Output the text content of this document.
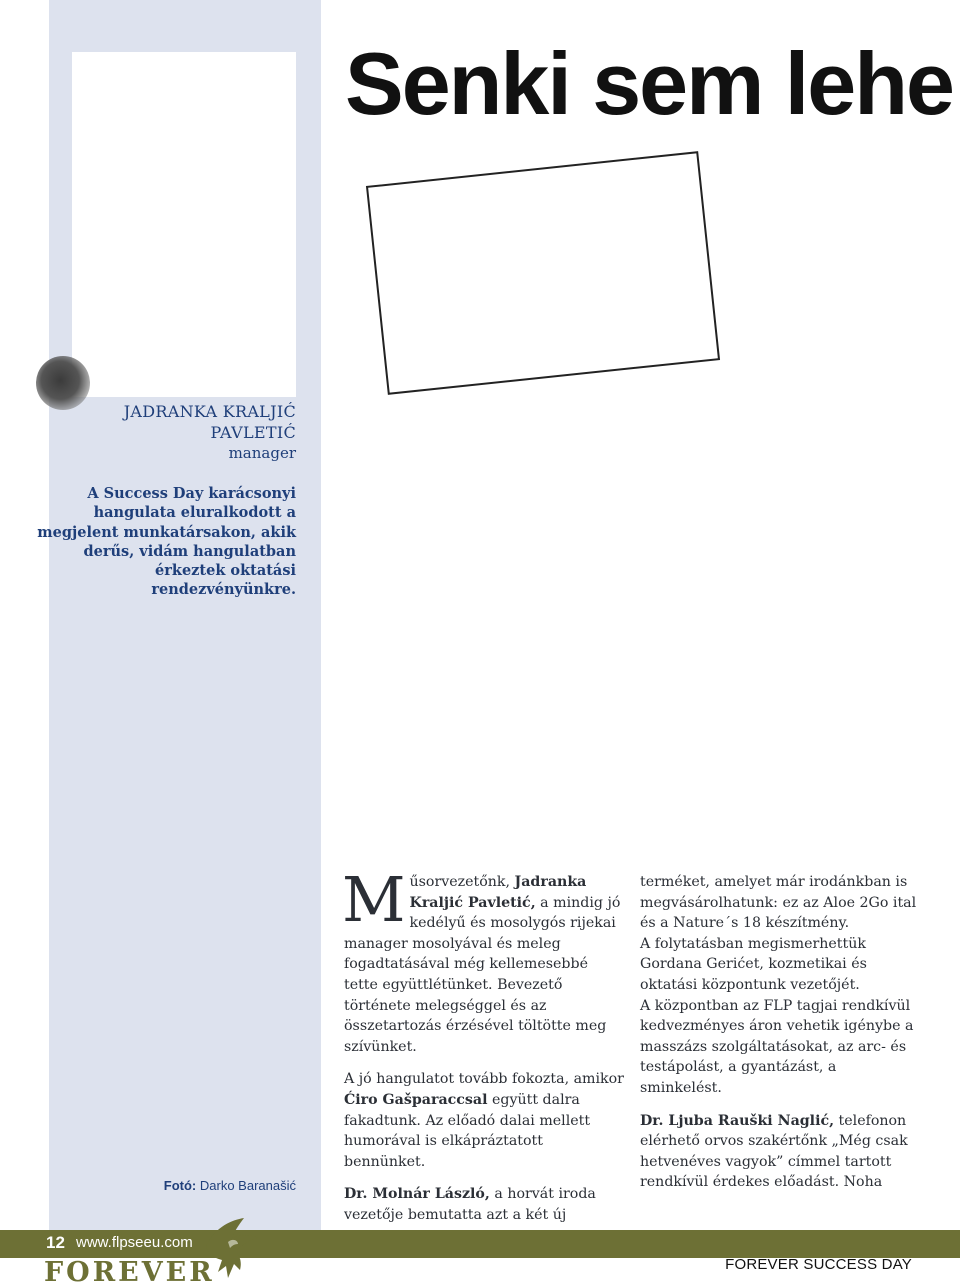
JADRANKA KRALJIĆ PAVLETIĆ
manager
A Success Day karácsonyi hangulata eluralkodott a megjelent munkatársakon, akik derűs, vidám hangulatban érkeztek oktatási rendezvényünkre.
Fotó: Darko Baranašić
Senki sem lehe

Műsorvezetőnk, Jadranka Kraljić Pavletić, a mindig jó kedélyű és mosolygós rijekai manager mosolyával és meleg fogadtatásával még kellemesebbé tette együttlétünket. Bevezető története melegséggel és az összetartozás érzésével töltötte meg szívünket.

A jó hangulatot tovább fokozta, amikor Ćiro Gašparaccsal együtt dalra fakadtunk. Az előadó dalai mellett humorával is elkápráztatott bennünket.

Dr. Molnár László, a horvát iroda vezetője bemutatta azt a két új

terméket, amelyet már irodánkban is megvásárolhatunk: ez az Aloe 2Go ital és a Nature´s 18 készítmény.

A folytatásban megismerhettük Gordana Gerićet, kozmetikai és oktatási központunk vezetőjét.

A központban az FLP tagjai rendkívül kedvezményes áron vehetik igénybe a masszázs szolgáltatásokat, az arc- és testápolást, a gyantázást, a sminkelést.

Dr. Ljuba Rauški Naglić, telefonon elérhető orvos szakértőnk „Még csak hetvenéves vagyok” címmel tartott rendkívül érdekes előadást. Noha

12 www.flpseeu.com
FOREVER	FOREVER SUCCESS DAY
